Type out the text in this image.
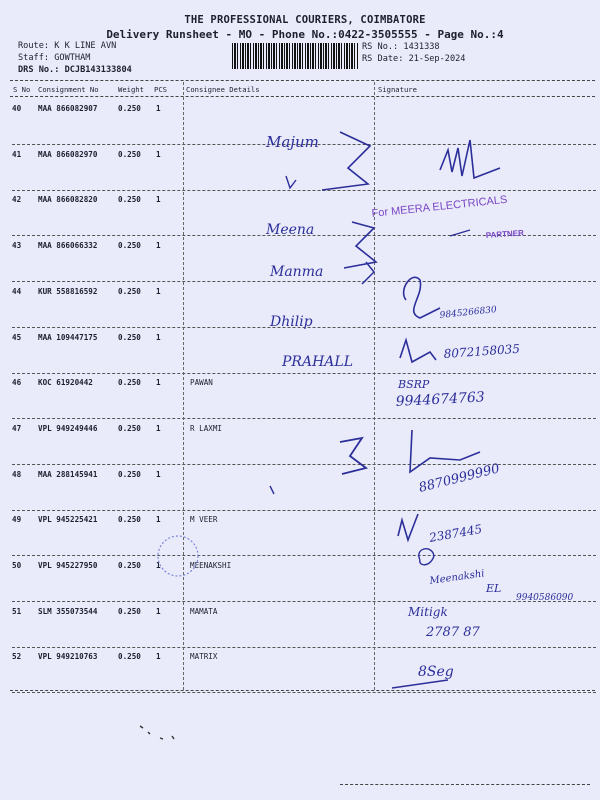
THE PROFESSIONAL COURIERS, COIMBATORE
Delivery Runsheet - MO - Phone No.:0422-3505555 - Page No.:4
Route: K K LINE AVN
Staff: GOWTHAM
DRS No.: DCJB143133804
RS No.: 1431338
RS Date: 21-Sep-2024
S No Consignment No	Weight PCS	Consignee Details	Signature
40 MAA 866082907	0.250 1
41 MAA 866082970	0.250 1
42 MAA 866082820	0.250 1
43 MAA 866066332	0.250 1
44 KUR 558816592	0.250 1
45 MAA 109447175	0.250 1
46 KOC 61920442	0.250 1	PAWAN
47 VPL 949249446	0.250 1	R LAXMI
48 MAA 288145941	0.250 1
49 VPL 945225421	0.250 1	M VEER
50 VPL 945227950	0.250 1	MEENAKSHI
51 SLM 355073544	0.250 1	MAMATA
52 VPL 949210763	0.250 1	MATRIX
Majum
For MEERA ELECTRICALS
PARTNER
Meena
Manma
9845266830
Dhilip
PRAHALL
8072158035
BSRP
9944674763
8870999990
2387445
Meenakshi
EL
9940586090
Mitigk
2787 87
8Seg
